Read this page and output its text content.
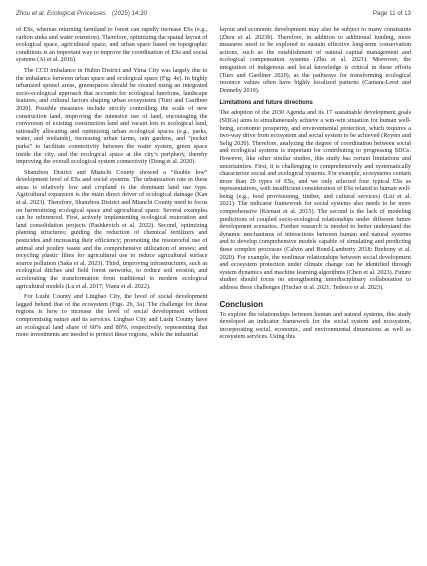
Zhou et al. Ecological Processes (2025) 14:20	Page 11 of 13

of ESs, whereas returning farmland to forest can rapidly increase ESs (e.g., carbon sinks and water retention). Therefore, optimizing the spatial layout of ecological space, agricultural space, and urban space based on topographic conditions is an important way to improve the coordination of ESs and social systems (Ai et al. 2016).

The CCD imbalance in Hubin District and Yima City was largely due to the imbalance between urban space and ecological space (Fig. 4e). In highly urbanized sprawl areas, greenspaces should be created using an integrated socio-ecological approach that accounts for ecological functions, landscape features, and cultural factors shaping urban ecosystems (Turo and Gardiner 2020). Possible measures include strictly controlling the scale of new construction land, improving the intensive use of land, encouraging the conversion of existing construction land and vacant lots to ecological land, rationally allocating and optimizing urban ecological spaces (e.g., parks, water, and wetlands), increasing urban farms, rain gardens, and “pocket parks” to facilitate connectivity between the water system, green space inside the city, and the ecological space at the city’s periphery, thereby improving the overall ecological system connectivity (Dong et al. 2020).

Shanzhou District and Mianchi County showed a “double low” development level of ESs and social systems. The urbanization rate in these areas is relatively low and cropland is the dominant land use type. Agricultural expansion is the main direct driver of ecological damage (Kan et al. 2023). Therefore, Shanzhou District and Mianchi County need to focus on harmonizing ecological space and agricultural space. Several examples can be referenced. First, actively implementing ecological restoration and land consolidation projects (Pashkevich et al. 2022). Second, optimizing planting structures; guiding the reduction of chemical fertilizers and pesticides and increasing their efficiency; promoting the resourceful use of animal and poultry waste and the comprehensive utilization of straws; and recycling plastic films for agricultural use to reduce agricultural surface source pollution (Saka et al. 2023). Third, improving infrastructures, such as ecological ditches and field forest networks, to reduce soil erosion, and accelerating the transformation from traditional to modern ecological agricultural models (Lu et al. 2017; Viana et al. 2022).

For Lushi County and Lingbao City, the level of social development lagged behind that of the ecosystem (Figs. 2b, 3a). The challenge for these regions is how to increase the level of social development without compromising nature and its services. Lingbao City and Lushi County have an ecological land share of 60% and 80%, respectively, representing that more investments are needed to protect these regions, while the industrial

layout and economic development may also be subject to many constraints (Zhou et al. 2023b). Therefore, in addition to additional funding, more measures need to be explored to sustain effective long-term conservation actions, such as the establishment of natural capital management and ecological compensation systems (Zhu et al. 2021). Moreover, the integration of indigenous and local knowledge is critical in these efforts (Turo and Gardiner 2020), as the pathways for transforming ecological resource values often have highly localized patterns (Camara-Leret and Dennehy 2019).

Limitations and future directions

The adoption of the 2030 Agenda and its 17 sustainable development goals (SDGs) aims to simultaneously achieve a win-win situation for human well-being, economic prosperity, and environmental protection, which requires a two-way drive from ecosystem and social system to be achieved (Reyers and Selig 2020). Therefore, analyzing the degree of coordination between social and ecological systems is important for contributing to progressing SDGs. However, like other similar studies, this study has certain limitations and uncertainties. First, it is challenging to comprehensively and systematically characterize social and ecological systems. For example, ecosystems contain more than 20 types of ESs, and we only selected four typical ESs as representatives, with insufficient consideration of ESs related to human well-being (e.g., food provisioning, timber, and cultural services) (Liu et al. 2021). The indicator framework for social systems also needs to be more comprehensive (Kienast et al. 2015). The second is the lack of modeling predictions of coupled socio-ecological relationships under different future development scenarios. Further research is needed to better understand the dynamic mechanisms of interactions between human and natural systems and to develop comprehensive models capable of simulating and predicting these complex processes (Calvin and Bond-Lamberty 2018; Brehony et al. 2020). For example, the nonlinear relationships between social development and ecosystem protection under climate change can be identified through system dynamics and machine learning algorithms (Chen et al. 2023). Future studies should focus on strengthening interdisciplinary collaboration to address these challenges (Fischer et al. 2021; Tedesco et al. 2023).

Conclusion

To explore the relationships between human and natural systems, this study developed an indicator framework for the social system and ecosystem, incorporating social, economic, and environmental dimensions as well as ecosystem services. Using this
